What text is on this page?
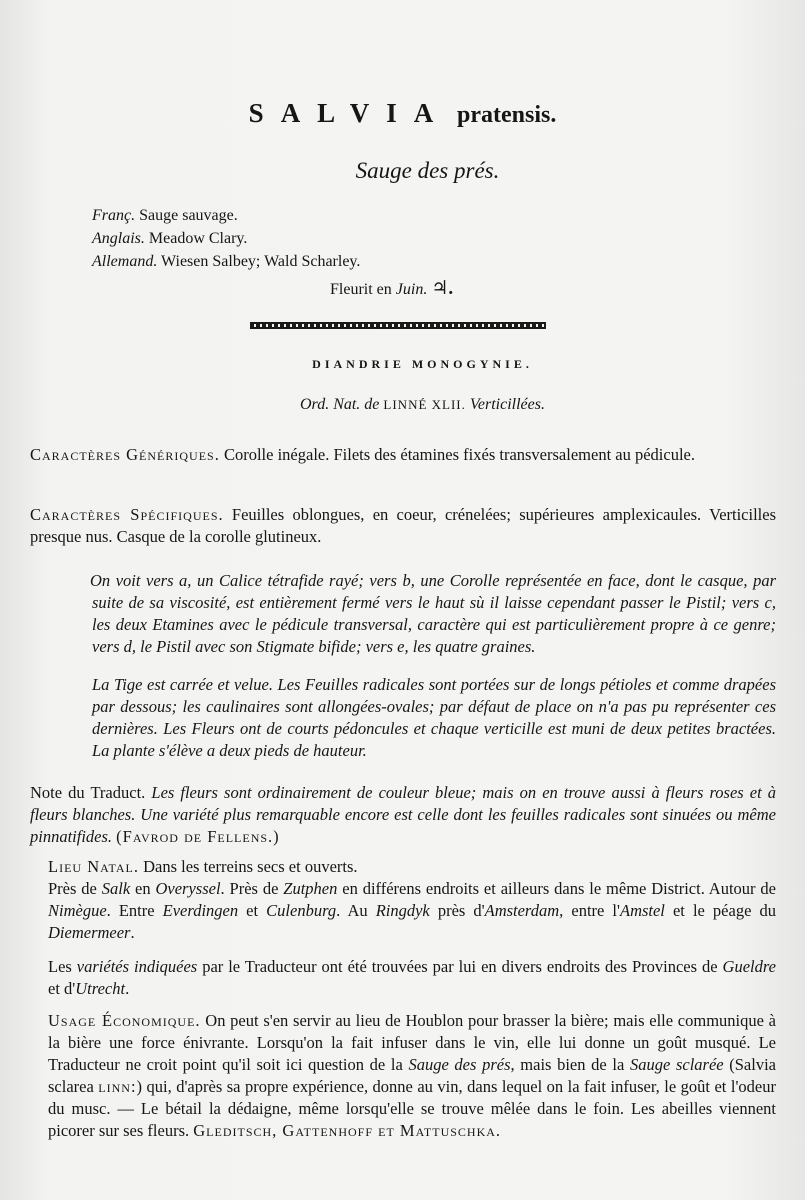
SALVIA pratensis.
Sauge des prés.
Franç. Sauge sauvage.
Anglais. Meadow Clary.
Allemand. Wiesen Salbey; Wald Scharley.
Fleurit en Juin. ♃.
DIANDRIE MONOGYNIE.
Ord. Nat. de LINNÉ XLII. Verticillées.
Caractères Génériques. Corolle inégale. Filets des étamines fixés transversalement au pédicule.
Caractères Spécifiques. Feuilles oblongues, en coeur, crénelées; supérieures amplexicaules. Verticilles presque nus. Casque de la corolle glutineux.
On voit vers a, un Calice tétrafide rayé; vers b, une Corolle représentée en face, dont le casque, par suite de sa viscosité, est entièrement fermé vers le haut sù il laisse cependant passer le Pistil; vers c, les deux Etamines avec le pédicule transversal, caractère qui est particulièrement propre à ce genre; vers d, le Pistil avec son Stigmate bifide; vers e, les quatre graines.
La Tige est carrée et velue. Les Feuilles radicales sont portées sur de longs pétioles et comme drapées par dessous; les caulinaires sont allongées-ovales; par défaut de place on n'a pas pu représenter ces dernières. Les Fleurs ont de courts pédoncules et chaque verticille est muni de deux petites bractées. La plante s'élève a deux pieds de hauteur.
Note du Traduct. Les fleurs sont ordinairement de couleur bleue; mais on en trouve aussi à fleurs roses et à fleurs blanches. Une variété plus remarquable encore est celle dont les feuilles radicales sont sinuées ou même pinnatifides. (Favrod de Fellens.)
Lieu Natal. Dans les terreins secs et ouverts.
Près de Salk en Overyssel. Près de Zutphen en différens endroits et ailleurs dans le même District. Autour de Nimègue. Entre Everdingen et Culenburg. Au Ringdyk près d'Amsterdam, entre l'Amstel et le péage du Diemermeer.
Les variétés indiquées par le Traducteur ont été trouvées par lui en divers endroits des Provinces de Gueldre et d'Utrecht.
Usage Économique. On peut s'en servir au lieu de Houblon pour brasser la bière; mais elle communique à la bière une force énivrante. Lorsqu'on la fait infuser dans le vin, elle lui donne un goût musqué. Le Traducteur ne croit point qu'il soit ici question de la Sauge des prés, mais bien de la Sauge sclarée (Salvia sclarea linn:) qui, d'après sa propre expérience, donne au vin, dans lequel on la fait infuser, le goût et l'odeur du musc. — Le bétail la dédaigne, même lorsqu'elle se trouve mêlée dans le foin. Les abeilles viennent picorer sur ses fleurs. Gleditsch, Gattenhoff et Mattuschka.
